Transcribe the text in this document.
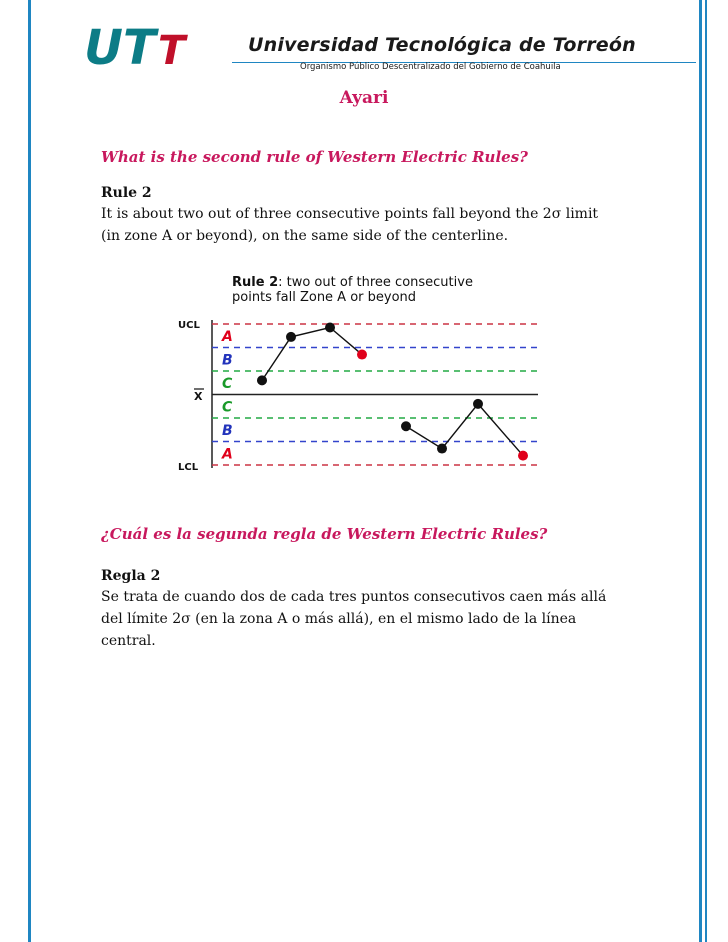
UT T	Universidad Tecnológica de Torreón
Organismo Público Descentralizado del Gobierno de Coahuila
Ayari
What is the second rule of Western Electric Rules?
Rule 2
It is about two out of three consecutive points fall beyond the 2σ limit
(in zone A or beyond), on the same side of the centerline.
Rule 2: two out of three consecutive
points fall Zone A or beyond
UCL
X
LCL
A
B
C
C
B
A
¿Cuál es la segunda regla de Western Electric Rules?
Regla 2
Se trata de cuando dos de cada tres puntos consecutivos caen más allá
del límite 2σ (en la zona A o más allá), en el mismo lado de la línea
central.
